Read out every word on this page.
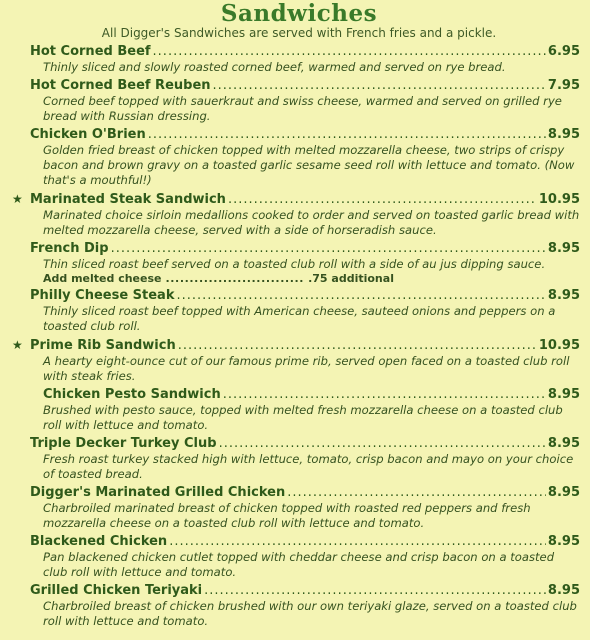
Sandwiches
All Digger's Sandwiches are served with French fries and a pickle.
Hot Corned Beef .....	6.95
Thinly sliced and slowly roasted corned beef, warmed and served on rye bread.
Hot Corned Beef Reuben .....	7.95
Corned beef topped with sauerkraut and swiss cheese, warmed and served on grilled rye bread with Russian dressing.
Chicken O'Brien .....	8.95
Golden fried breast of chicken topped with melted mozzarella cheese, two strips of crispy bacon and brown gravy on a toasted garlic sesame seed roll with lettuce and tomato. (Now that's a mouthful!)
★ Marinated Steak Sandwich .....	10.95
Marinated choice sirloin medallions cooked to order and served on toasted garlic bread with melted mozzarella cheese, served with a side of horseradish sauce.
French Dip .....	8.95
Thin sliced roast beef served on a toasted club roll with a side of au jus dipping sauce.
Add melted cheese ............................. .75 additional
Philly Cheese Steak .....	8.95
Thinly sliced roast beef topped with American cheese, sauteed onions and peppers on a toasted club roll.
★ Prime Rib Sandwich .....	10.95
A hearty eight-ounce cut of our famous prime rib, served open faced on a toasted club roll with steak fries.
Chicken Pesto Sandwich .....	8.95
Brushed with pesto sauce, topped with melted fresh mozzarella cheese on a toasted club roll with lettuce and tomato.
Triple Decker Turkey Club .....	8.95
Fresh roast turkey stacked high with lettuce, tomato, crisp bacon and mayo on your choice of toasted bread.
Digger's Marinated Grilled Chicken .....	8.95
Charbroiled marinated breast of chicken topped with roasted red peppers and fresh mozzarella cheese on a toasted club roll with lettuce and tomato.
Blackened Chicken .....	8.95
Pan blackened chicken cutlet topped with cheddar cheese and crisp bacon on a toasted club roll with lettuce and tomato.
Grilled Chicken Teriyaki .....	8.95
Charbroiled breast of chicken brushed with our own teriyaki glaze, served on a toasted club roll with lettuce and tomato.
